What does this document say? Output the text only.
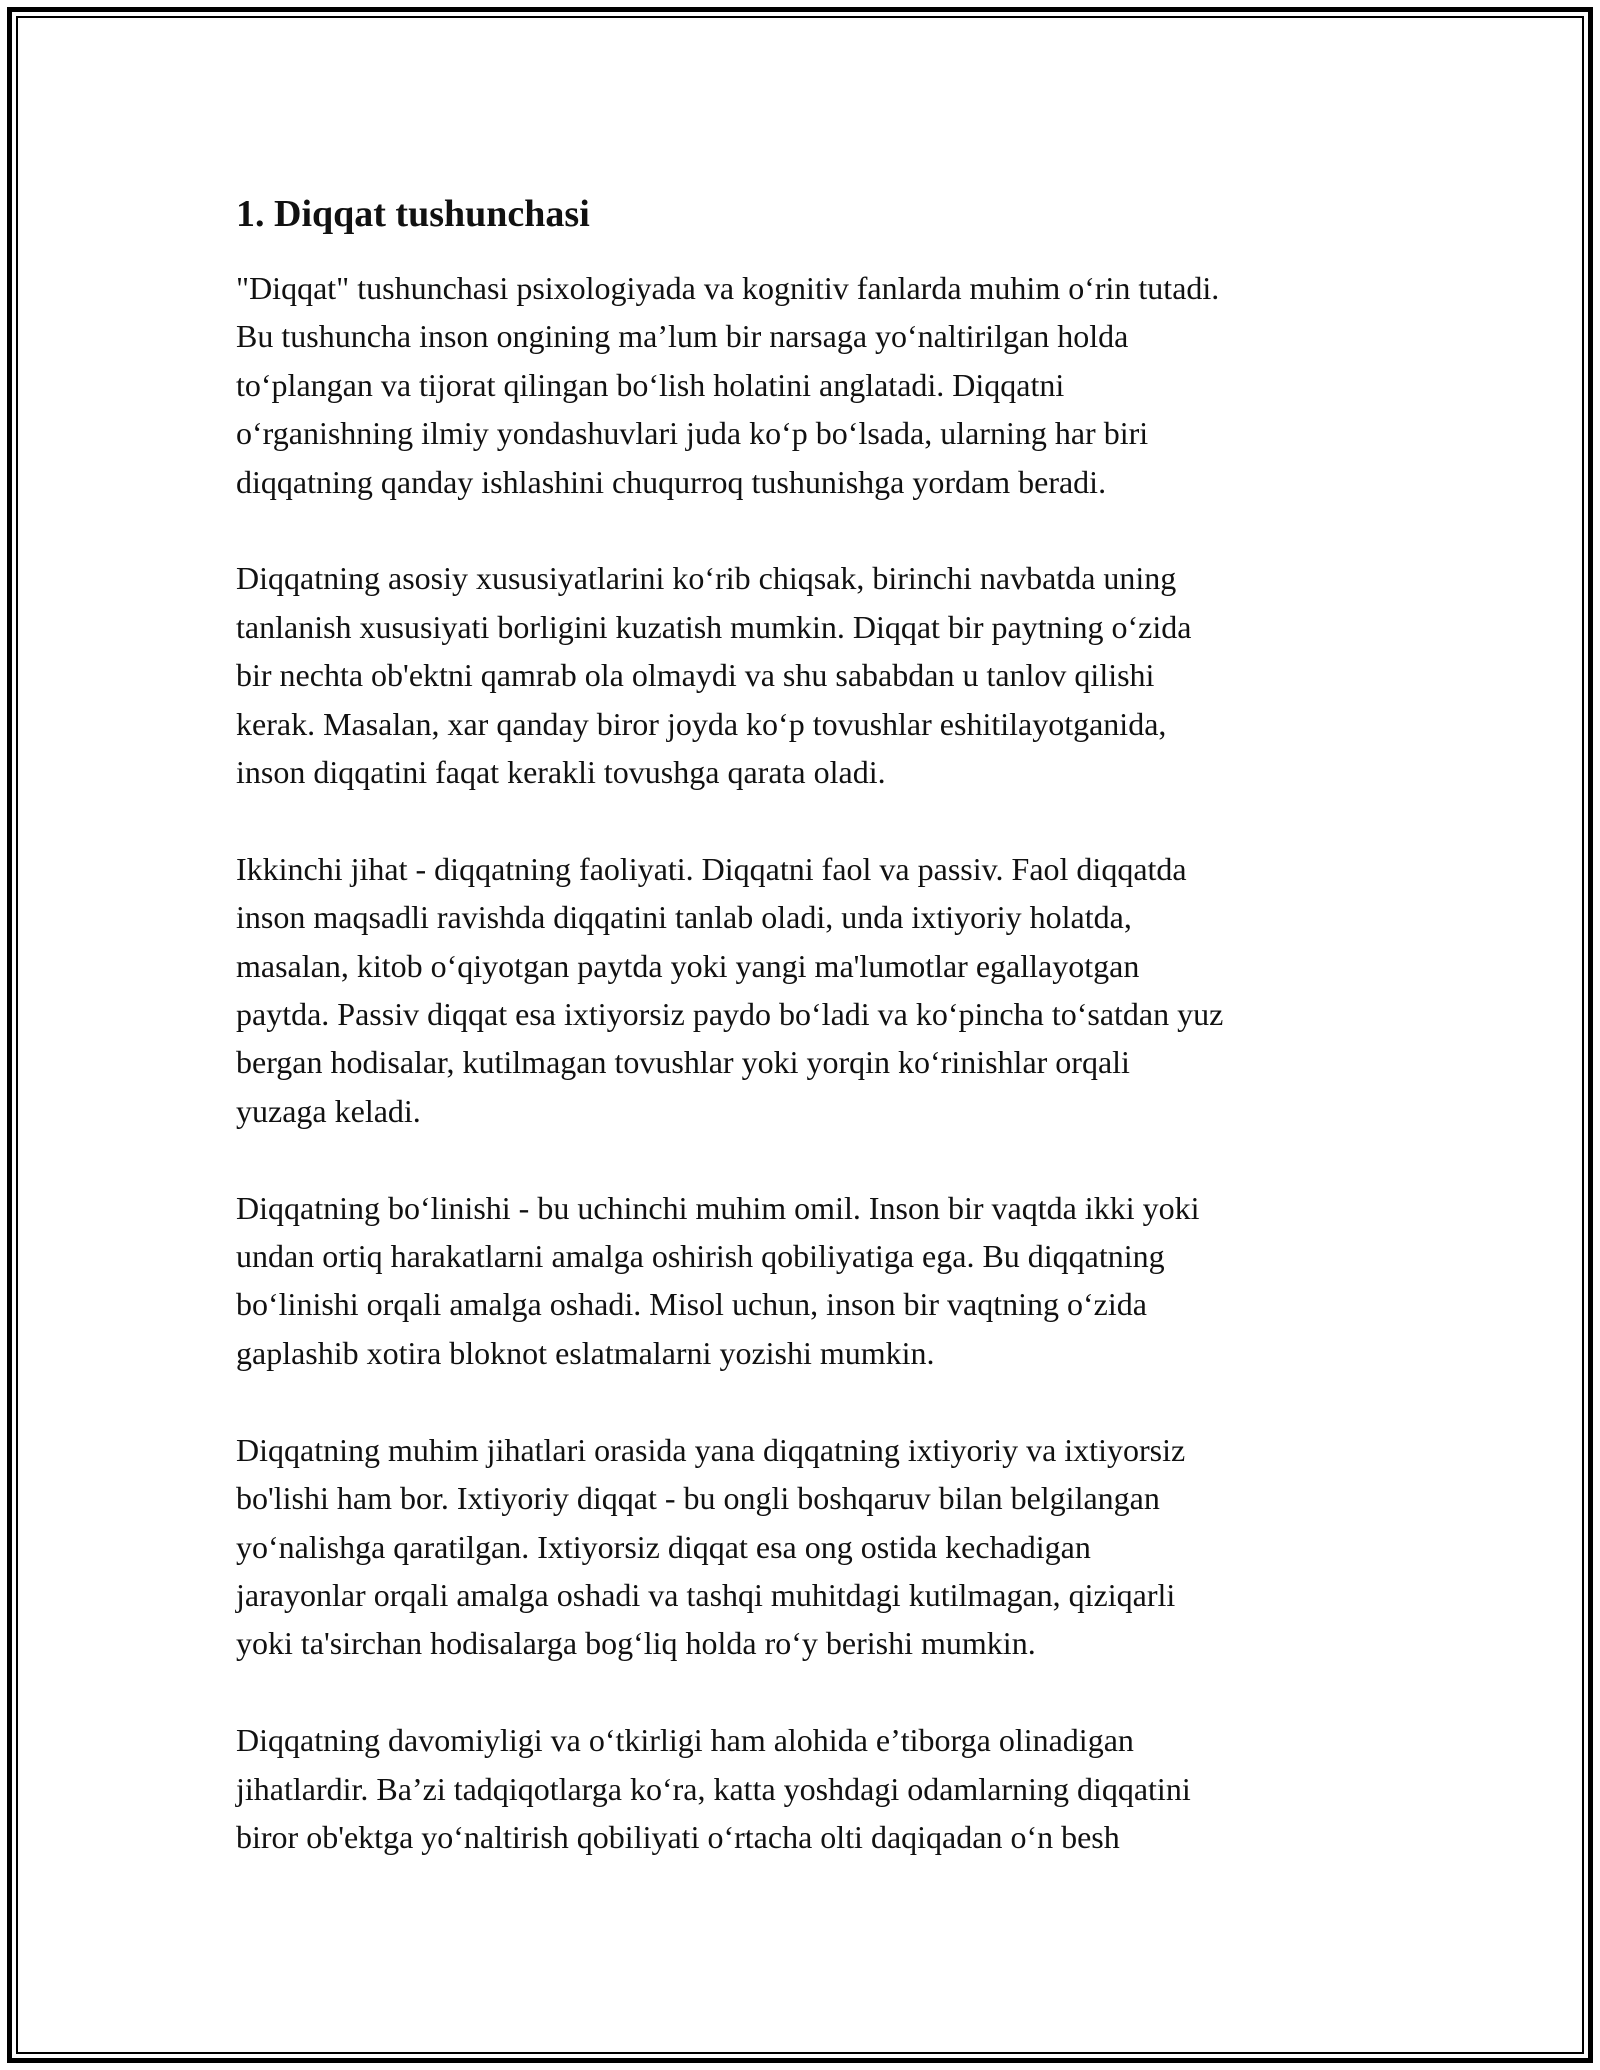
1. Diqqat tushunchasi
"Diqqat" tushunchasi psixologiyada va kognitiv fanlarda muhim oʻrin tutadi.
Bu tushuncha inson ongining maʼlum bir narsaga yoʻnaltirilgan holda
toʻplangan va tijorat qilingan boʻlish holatini anglatadi. Diqqatni
oʻrganishning ilmiy yondashuvlari juda koʻp boʻlsada, ularning har biri
diqqatning qanday ishlashini chuqurroq tushunishga yordam beradi.
Diqqatning asosiy xususiyatlarini koʻrib chiqsak, birinchi navbatda uning
tanlanish xususiyati borligini kuzatish mumkin. Diqqat bir paytning oʻzida
bir nechta ob'ektni qamrab ola olmaydi va shu sababdan u tanlov qilishi
kerak. Masalan, xar qanday biror joyda koʻp tovushlar eshitilayotganida,
inson diqqatini faqat kerakli tovushga qarata oladi.
Ikkinchi jihat - diqqatning faoliyati. Diqqatni faol va passiv. Faol diqqatda
inson maqsadli ravishda diqqatini tanlab oladi, unda ixtiyoriy holatda,
masalan, kitob oʻqiyotgan paytda yoki yangi ma'lumotlar egallayotgan
paytda. Passiv diqqat esa ixtiyorsiz paydo boʻladi va koʻpincha toʻsatdan yuz
bergan hodisalar, kutilmagan tovushlar yoki yorqin koʻrinishlar orqali
yuzaga keladi.
Diqqatning boʻlinishi - bu uchinchi muhim omil. Inson bir vaqtda ikki yoki
undan ortiq harakatlarni amalga oshirish qobiliyatiga ega. Bu diqqatning
boʻlinishi orqali amalga oshadi. Misol uchun, inson bir vaqtning oʻzida
gaplashib xotira bloknot eslatmalarni yozishi mumkin.
Diqqatning muhim jihatlari orasida yana diqqatning ixtiyoriy va ixtiyorsiz
bo'lishi ham bor. Ixtiyoriy diqqat - bu ongli boshqaruv bilan belgilangan
yoʻnalishga qaratilgan. Ixtiyorsiz diqqat esa ong ostida kechadigan
jarayonlar orqali amalga oshadi va tashqi muhitdagi kutilmagan, qiziqarli
yoki ta'sirchan hodisalarga bogʻliq holda roʻy berishi mumkin.
Diqqatning davomiyligi va oʻtkirligi ham alohida eʼtiborga olinadigan
jihatlardir. Baʼzi tadqiqotlarga koʻra, katta yoshdagi odamlarning diqqatini
biror ob'ektga yoʻnaltirish qobiliyati oʻrtacha olti daqiqadan oʻn besh
